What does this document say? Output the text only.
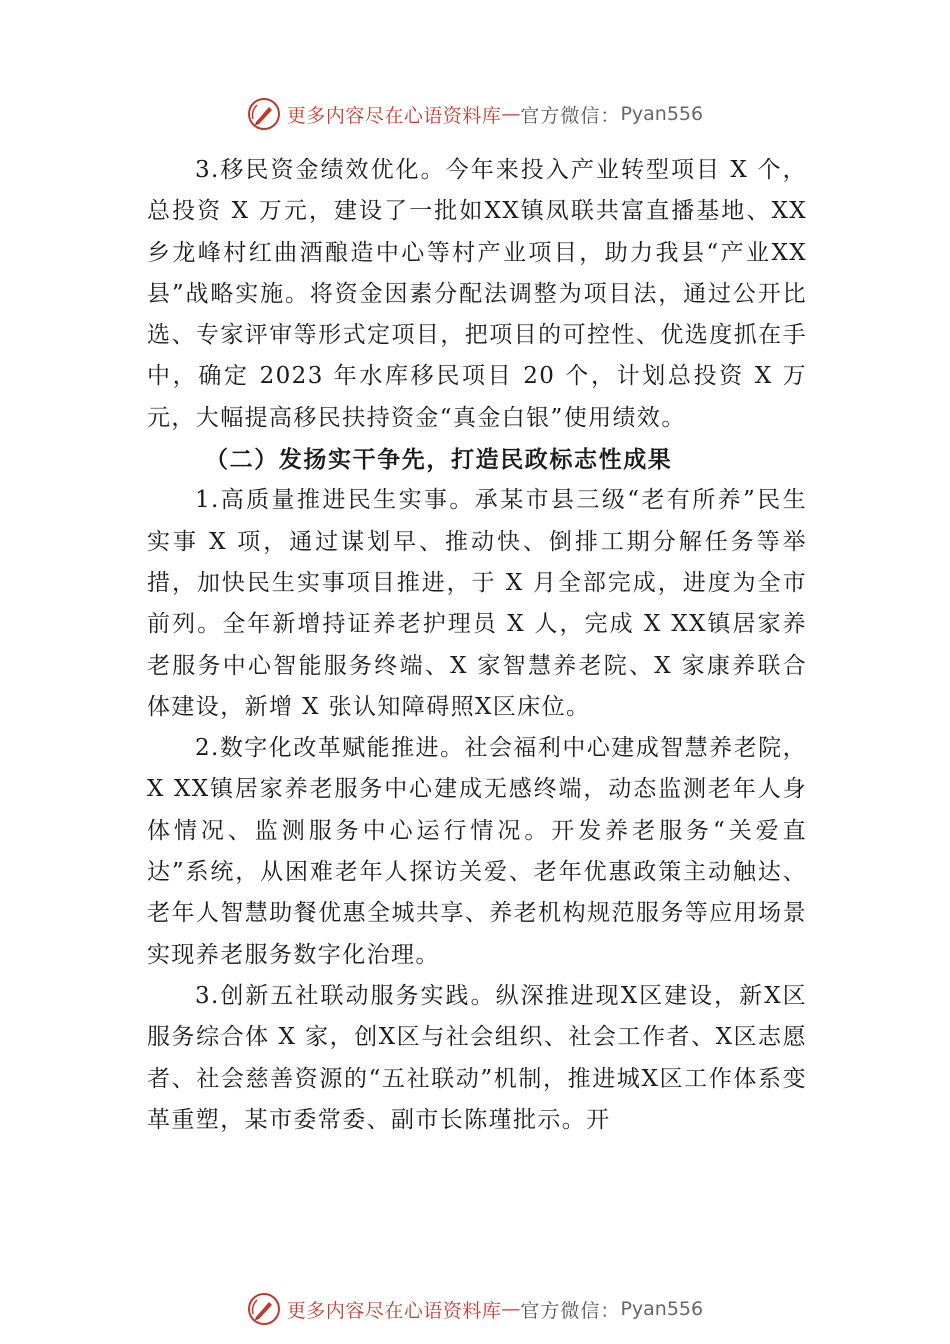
更多内容尽在心语资料库 — 官方微信： Pyan556

3.移民资金绩效优化。今年来投入产业转型项目 X 个，总投资 X 万元，建设了一批如XX镇凤联共富直播基地、XX乡龙峰村红曲酒酿造中心等村产业项目，助力我县“产业XX县”战略实施。将资金因素分配法调整为项目法，通过公开比选、专家评审等形式定项目，把项目的可控性、优选度抓在手中，确定 2023 年水库移民项目 20 个，计划总投资 X 万元，大幅提高移民扶持资金“真金白银”使用绩效。

（二）发扬实干争先，打造民政标志性成果

1.高质量推进民生实事。承某市县三级“老有所养”民生实事 X 项，通过谋划早、推动快、倒排工期分解任务等举措，加快民生实事项目推进，于 X 月全部完成，进度为全市前列。全年新增持证养老护理员 X 人，完成 X XX镇居家养老服务中心智能服务终端、X 家智慧养老院、X 家康养联合体建设，新增 X 张认知障碍照X区床位。

2.数字化改革赋能推进。社会福利中心建成智慧养老院，X XX镇居家养老服务中心建成无感终端，动态监测老年人身体情况、监测服务中心运行情况。开发养老服务“关爱直达”系统，从困难老年人探访关爱、老年优惠政策主动触达、老年人智慧助餐优惠全城共享、养老机构规范服务等应用场景实现养老服务数字化治理。

3.创新五社联动服务实践。纵深推进现X区建设，新X区服务综合体 X 家，创X区与社会组织、社会工作者、X区志愿者、社会慈善资源的“五社联动”机制，推进城X区工作体系变革重塑，某市委常委、副市长陈瑾批示。开

更多内容尽在心语资料库 — 官方微信： Pyan556
